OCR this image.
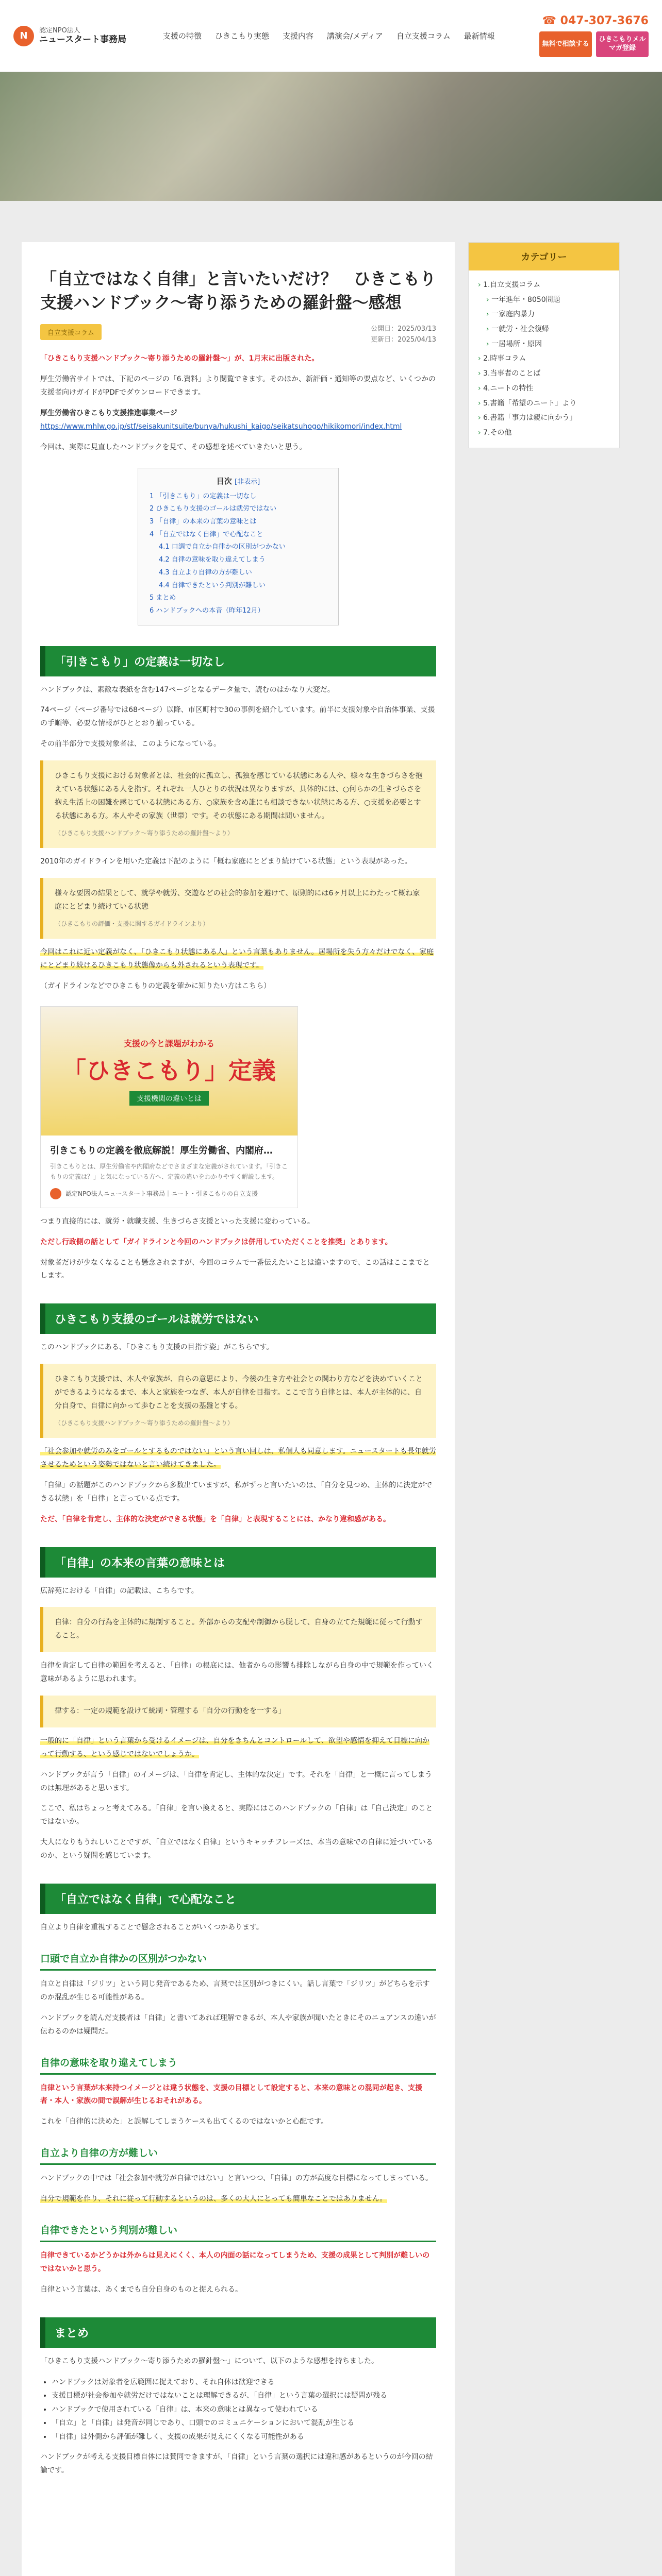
N	認定NPO法人
ニュースタート事務局	支援の特徴 ひきこもり実態 支援内容 講演会/メディア 自立支援コラム 最新情報
☎ 047-307-3676
無料で相談する
ひきこもりメルマガ登録
「自立ではなく自律」と言いたいだけ？　ひきこもり支援ハンドブック〜寄り添うための羅針盤〜感想
自立支援コラム
公開日：2025/03/13
更新日：2025/04/13

「ひきこもり支援ハンドブック〜寄り添うための羅針盤〜」が、1月末に出版された。

厚生労働省サイトでは、下記のページの「6.資料」より閲覧できます。そのほか、新評価・通知等の要点など、いくつかの支援者向けガイドがPDFでダウンロードできます。

厚生労働省ひきこもり支援推進事業ページ
https://www.mhlw.go.jp/stf/seisakunitsuite/bunya/hukushi_kaigo/seikatsuhogo/hikikomori/index.html

今回は、実際に見直したハンドブックを見て、その感想を述べていきたいと思う。

目次 [非表示]
1 「引きこもり」の定義は一切なし
2 ひきこもり支援のゴールは就労ではない
3 「自律」の本来の言葉の意味とは
4 「自立ではなく自律」で心配なこと
4.1 口調で自立か自律かの区別がつかない
4.2 自律の意味を取り違えてしまう
4.3 自立より自律の方が難しい
4.4 自律できたという判別が難しい
5 まとめ
6 ハンドブックへの本音（昨年12月）
「引きこもり」の定義は一切なし

ハンドブックは、素敵な表紙を含む147ページとなるデータ量で、読むのはかなり大変だ。

74ページ（ページ番号では68ページ）以降、市区町村で30の事例を紹介しています。前半に支援対象や自治体事業、支援の手順等、必要な情報がひととおり揃っている。

その前半部分で支援対象者は、このようになっている。

ひきこもり支援における対象者とは、社会的に孤立し、孤独を感じている状態にある人や、様々な生きづらさを抱えている状態にある人を指す。それぞれ一人ひとりの状況は異なりますが、具体的には、○何らかの生きづらさを抱え生活上の困難を感じている状態にある方、○家族を含め誰にも相談できない状態にある方、○支援を必要とする状態にある方。本人やその家族（世帯）です。その状態にある期間は問いません。
（ひきこもり支援ハンドブック〜寄り添うための羅針盤〜より）

2010年のガイドラインを用いた定義は下記のように「概ね家庭にとどまり続けている状態」という表現があった。

様々な要因の結果として、就学や就労、交遊などの社会的参加を避けて、原則的には6ヶ月以上にわたって概ね家庭にとどまり続けている状態
（ひきこもりの評価・支援に関するガイドラインより）

今回はこれに近い定義がなく、「ひきこもり状態にある人」という言葉もありません。居場所を失う方々だけでなく、家庭にとどまり続けるひきこもり状態像からも外されるという表現です。

（ガイドラインなどでひきこもりの定義を確かに知りたい方はこちら）

支援の今と課題がわかる
「ひきこもり」定義
支援機関の違いとは
引きこもりの定義を徹底解説！厚生労働省、内閣府…
引きこもりとは、厚生労働省や内閣府などでさまざまな定義がされています。「引きこもりの定義は？」と気になっている方へ、定義の違いをわかりやすく解説します。
認定NPO法人ニュースタート事務局｜ニート・引きこもりの自立支援

つまり直接的には、就労・就職支援、生きづらさ支援といった支援に変わっている。

ただし行政側の話として「ガイドラインと今回のハンドブックは併用していただくことを推奨」とあります。

対象者だけが少なくなることも懸念されますが、今回のコラムで一番伝えたいことは違いますので、この話はここまでとします。

ひきこもり支援のゴールは就労ではない

このハンドブックにある、「ひきこもり支援の目指す姿」がこちらです。

ひきこもり支援では、本人や家族が、自らの意思により、今後の生き方や社会との関わり方などを決めていくことができるようになるまで、本人と家族をつなぎ、本人が自律を目指す。ここで言う自律とは、本人が主体的に、自分自身で、自律に向かって歩むことを支援の基盤とする。
（ひきこもり支援ハンドブック〜寄り添うための羅針盤〜より）

「社会参加や就労のみをゴールとするものではない」という言い回しは、私個人も同意します。ニュースタートも長年就労させるためという姿勢ではないと言い続けてきました。

「自律」の話題がこのハンドブックから多数出ていますが、私がずっと言いたいのは、「自分を見つめ、主体的に決定ができる状態」を「自律」と言っている点です。

ただ、「自律を肯定し、主体的な決定ができる状態」を「自律」と表現することには、かなり違和感がある。

「自律」の本来の言葉の意味とは

広辞苑における「自律」の記載は、こちらです。

自律：自分の行為を主体的に規制すること。外部からの支配や制御から脱して、自身の立てた規範に従って行動すること。

自律を肯定して自律の範囲を考えると、「自律」の根底には、他者からの影響も排除しながら自身の中で規範を作っていく意味があるように思われます。

律する：一定の規範を設けて統制・管理する「自分の行動をを一する」

一般的に「自律」という言葉から受けるイメージは、自分をきちんとコントロールして、欲望や感情を抑えて目標に向かって行動する、という感じではないでしょうか。

ハンドブックが言う「自律」のイメージは、「自律を肯定し、主体的な決定」です。それを「自律」と一概に言ってしまうのは無理があると思います。

ここで、私はちょっと考えてみる。「自律」を言い換えると、実際にはこのハンドブックの「自律」は「自己決定」のことではないか。

大人になりもうれしいことですが、「自立ではなく自律」というキャッチフレーズは、本当の意味での自律に近づいているのか、という疑問を感じています。

「自立ではなく自律」で心配なこと

自立より自律を重視することで懸念されることがいくつかあります。

口頭で自立か自律かの区別がつかない

自立と自律は「ジリツ」という同じ発音であるため、言葉では区別がつきにくい。話し言葉で「ジリツ」がどちらを示すのか混乱が生じる可能性がある。

ハンドブックを読んだ支援者は「自律」と書いてあれば理解できるが、本人や家族が聞いたときにそのニュアンスの違いが伝わるのかは疑問だ。

自律の意味を取り違えてしまう

自律という言葉が本来持つイメージとは違う状態を、支援の目標として設定すると、本来の意味との混同が起き、支援者・本人・家族の間で誤解が生じるおそれがある。

これを「自律的に決めた」と誤解してしまうケースも出てくるのではないかと心配です。

自立より自律の方が難しい

ハンドブックの中では「社会参加や就労が自律ではない」と言いつつ、「自律」の方が高度な目標になってしまっている。

自分で規範を作り、それに従って行動するというのは、多くの大人にとっても簡単なことではありません。

自律できたという判別が難しい

自律できているかどうかは外からは見えにくく、本人の内面の話になってしまうため、支援の成果として判別が難しいのではないかと思う。

自律という言葉は、あくまでも自分自身のものと捉えられる。

まとめ

「ひきこもり支援ハンドブック〜寄り添うための羅針盤〜」について、以下のような感想を持ちました。

• ハンドブックは対象者を広範囲に捉えており、それ自体は歓迎できる
• 支援目標が社会参加や就労だけではないことは理解できるが、「自律」という言葉の選択には疑問が残る
• ハンドブックで使用されている「自律」は、本来の意味とは異なって使われている
• 「自立」と「自律」は発音が同じであり、口頭でのコミュニケーションにおいて混乱が生じる
• 「自律」は外側から評価が難しく、支援の成果が見えにくくなる可能性がある

ハンドブックが考える支援目標自体には賛同できますが、「自律」という言葉の選択には違和感があるというのが今回の結論です。

カテゴリー
› 1.自立支援コラム
› 一年進年・8050問題
› 一家庭内暴力
› 一就労・社会復帰
› 一居場所・原因
› 2.時事コラム
› 3.当事者のことば
› 4.ニートの特性
› 5.書籍「希望のニート」より
› 6.書籍「事力は親に向かう」
› 7.その他
